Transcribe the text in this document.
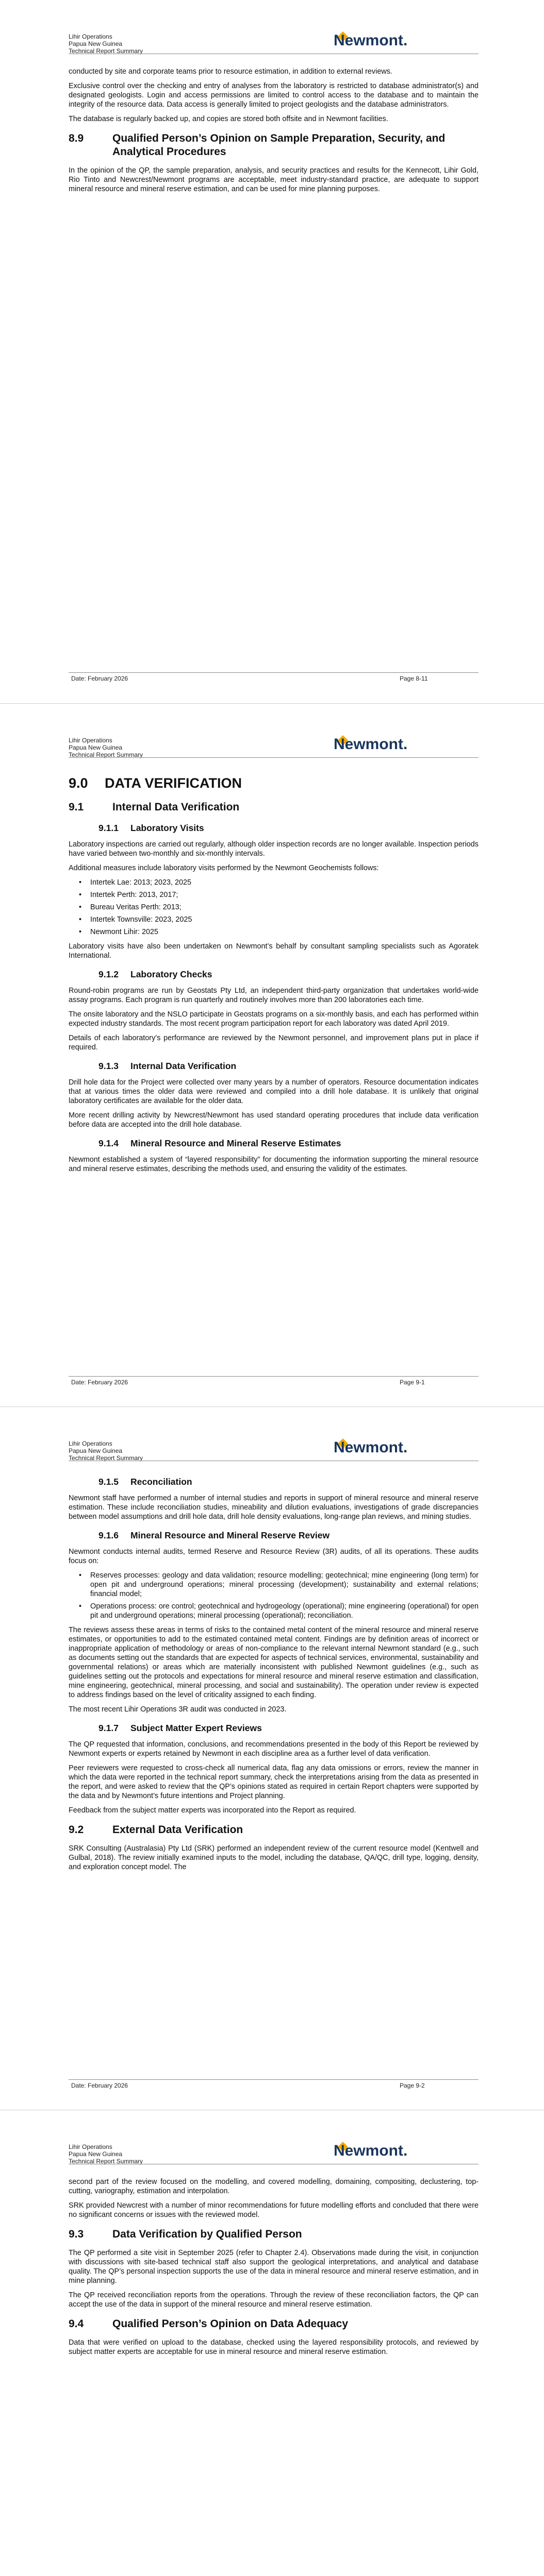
Lihir Operations
Papua New Guinea
Technical Report Summary
Newmont.

conducted by site and corporate teams prior to resource estimation, in addition to external reviews.

Exclusive control over the checking and entry of analyses from the laboratory is restricted to database administrator(s) and designated geologists. Login and access permissions are limited to control access to the database and to maintain the integrity of the resource data. Data access is generally limited to project geologists and the database administrators.

The database is regularly backed up, and copies are stored both offsite and in Newmont facilities.

8.9	Qualified Person’s Opinion on Sample Preparation, Security, and Analytical Procedures

In the opinion of the QP, the sample preparation, analysis, and security practices and results for the Kennecott, Lihir Gold, Rio Tinto and Newcrest/Newmont programs are acceptable, meet industry-standard practice, are adequate to support mineral resource and mineral reserve estimation, and can be used for mine planning purposes.

Date: February 2026	Page 8-11
Lihir Operations
Papua New Guinea
Technical Report Summary
Newmont.
9.0 DATA VERIFICATION
9.1	Internal Data Verification
9.1.1 Laboratory Visits

Laboratory inspections are carried out regularly, although older inspection records are no longer available. Inspection periods have varied between two-monthly and six-monthly intervals.

Additional measures include laboratory visits performed by the Newmont Geochemists follows:

• Intertek Lae: 2013; 2023, 2025
• Intertek Perth: 2013, 2017;
• Bureau Veritas Perth: 2013;
• Intertek Townsville: 2023, 2025
• Newmont Lihir: 2025

Laboratory visits have also been undertaken on Newmont’s behalf by consultant sampling specialists such as Agoratek International.

9.1.2 Laboratory Checks

Round-robin programs are run by Geostats Pty Ltd, an independent third-party organization that undertakes world-wide assay programs. Each program is run quarterly and routinely involves more than 200 laboratories each time.

The onsite laboratory and the NSLO participate in Geostats programs on a six-monthly basis, and each has performed within expected industry standards. The most recent program participation report for each laboratory was dated April 2019.

Details of each laboratory’s performance are reviewed by the Newmont personnel, and improvement plans put in place if required.

9.1.3 Internal Data Verification

Drill hole data for the Project were collected over many years by a number of operators. Resource documentation indicates that at various times the older data were reviewed and compiled into a drill hole database. It is unlikely that original laboratory certificates are available for the older data.

More recent drilling activity by Newcrest/Newmont has used standard operating procedures that include data verification before data are accepted into the drill hole database.

9.1.4 Mineral Resource and Mineral Reserve Estimates

Newmont established a system of “layered responsibility” for documenting the information supporting the mineral resource and mineral reserve estimates, describing the methods used, and ensuring the validity of the estimates.

Date: February 2026	Page 9-1
Lihir Operations
Papua New Guinea
Technical Report Summary
Newmont.
9.1.5 Reconciliation

Newmont staff have performed a number of internal studies and reports in support of mineral resource and mineral reserve estimation. These include reconciliation studies, mineability and dilution evaluations, investigations of grade discrepancies between model assumptions and drill hole data, drill hole density evaluations, long-range plan reviews, and mining studies.

9.1.6 Mineral Resource and Mineral Reserve Review

Newmont conducts internal audits, termed Reserve and Resource Review (3R) audits, of all its operations. These audits focus on:

• Reserves processes: geology and data validation; resource modelling; geotechnical; mine engineering (long term) for open pit and underground operations; mineral processing (development); sustainability and external relations; financial model;
• Operations process: ore control; geotechnical and hydrogeology (operational); mine engineering (operational) for open pit and underground operations; mineral processing (operational); reconciliation.

The reviews assess these areas in terms of risks to the contained metal content of the mineral resource and mineral reserve estimates, or opportunities to add to the estimated contained metal content. Findings are by definition areas of incorrect or inappropriate application of methodology or areas of non-compliance to the relevant internal Newmont standard (e.g., such as documents setting out the standards that are expected for aspects of technical services, environmental, sustainability and governmental relations) or areas which are materially inconsistent with published Newmont guidelines (e.g., such as guidelines setting out the protocols and expectations for mineral resource and mineral reserve estimation and classification, mine engineering, geotechnical, mineral processing, and social and sustainability). The operation under review is expected to address findings based on the level of criticality assigned to each finding.

The most recent Lihir Operations 3R audit was conducted in 2023.

9.1.7 Subject Matter Expert Reviews

The QP requested that information, conclusions, and recommendations presented in the body of this Report be reviewed by Newmont experts or experts retained by Newmont in each discipline area as a further level of data verification.

Peer reviewers were requested to cross-check all numerical data, flag any data omissions or errors, review the manner in which the data were reported in the technical report summary, check the interpretations arising from the data as presented in the report, and were asked to review that the QP’s opinions stated as required in certain Report chapters were supported by the data and by Newmont’s future intentions and Project planning.

Feedback from the subject matter experts was incorporated into the Report as required.

9.2	External Data Verification

SRK Consulting (Australasia) Pty Ltd (SRK) performed an independent review of the current resource model (Kentwell and Gulbal, 2018). The review initially examined inputs to the model, including the database, QA/QC, drill type, logging, density, and exploration concept model. The

Date: February 2026	Page 9-2
Lihir Operations
Papua New Guinea
Technical Report Summary
Newmont.

second part of the review focused on the modelling, and covered modelling, domaining, compositing, declustering, top-cutting, variography, estimation and interpolation.

SRK provided Newcrest with a number of minor recommendations for future modelling efforts and concluded that there were no significant concerns or issues with the reviewed model.

9.3	Data Verification by Qualified Person

The QP performed a site visit in September 2025 (refer to Chapter 2.4). Observations made during the visit, in conjunction with discussions with site-based technical staff also support the geological interpretations, and analytical and database quality. The QP’s personal inspection supports the use of the data in mineral resource and mineral reserve estimation, and in mine planning.

The QP received reconciliation reports from the operations. Through the review of these reconciliation factors, the QP can accept the use of the data in support of the mineral resource and mineral reserve estimation.

9.4	Qualified Person’s Opinion on Data Adequacy

Data that were verified on upload to the database, checked using the layered responsibility protocols, and reviewed by subject matter experts are acceptable for use in mineral resource and mineral reserve estimation.
